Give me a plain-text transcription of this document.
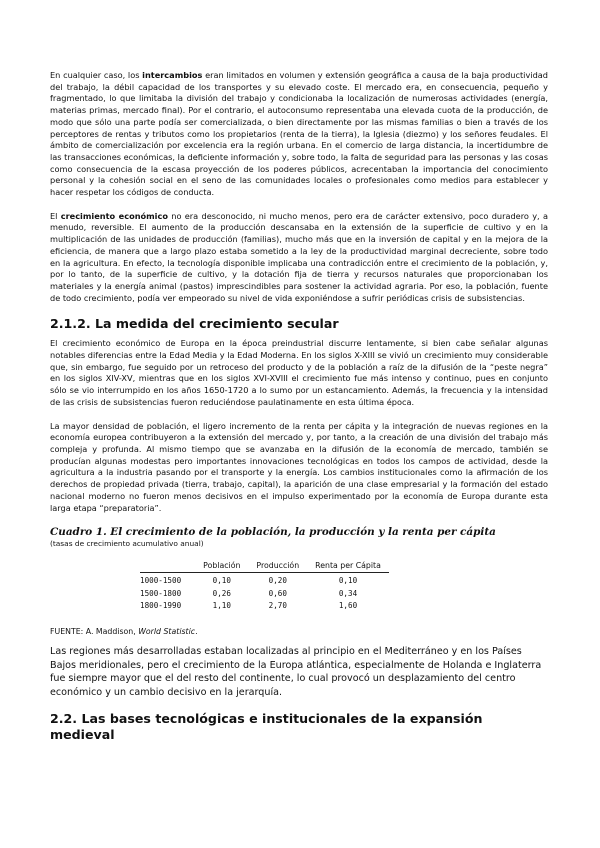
En cualquier caso, los intercambios eran limitados en volumen y extensión geográfica a causa de la baja productividad del trabajo, la débil capacidad de los transportes y su elevado coste. El mercado era, en consecuencia, pequeño y fragmentado, lo que limitaba la división del trabajo y condicionaba la localización de numerosas actividades (energía, materias primas, mercado final). Por el contrario, el autoconsumo representaba una elevada cuota de la producción, de modo que sólo una parte podía ser comercializada, o bien directamente por las mismas familias o bien a través de los perceptores de rentas y tributos como los propietarios (renta de la tierra), la Iglesia (diezmo) y los señores feudales. El ámbito de comercialización por excelencia era la región urbana. En el comercio de larga distancia, la incertidumbre de las transacciones económicas, la deficiente información y, sobre todo, la falta de seguridad para las personas y las cosas como consecuencia de la escasa proyección de los poderes públicos, acrecentaban la importancia del conocimiento personal y la cohesión social en el seno de las comunidades locales o profesionales como medios para establecer y hacer respetar los códigos de conducta.

El crecimiento económico no era desconocido, ni mucho menos, pero era de carácter extensivo, poco duradero y, a menudo, reversible. El aumento de la producción descansaba en la extensión de la superficie de cultivo y en la multiplicación de las unidades de producción (familias), mucho más que en la inversión de capital y en la mejora de la eficiencia, de manera que a largo plazo estaba sometido a la ley de la productividad marginal decreciente, sobre todo en la agricultura. En efecto, la tecnología disponible implicaba una contradicción entre el crecimiento de la población, y, por lo tanto, de la superficie de cultivo, y la dotación fija de tierra y recursos naturales que proporcionaban los materiales y la energía animal (pastos) imprescindibles para sostener la actividad agraria. Por eso, la población, fuente de todo crecimiento, podía ver empeorado su nivel de vida exponiéndose a sufrir periódicas crisis de subsistencias.

2.1.2. La medida del crecimiento secular

El crecimiento económico de Europa en la época preindustrial discurre lentamente, si bien cabe señalar algunas notables diferencias entre la Edad Media y la Edad Moderna. En los siglos X-XIII se vivió un crecimiento muy considerable que, sin embargo, fue seguido por un retroceso del producto y de la población a raíz de la difusión de la “peste negra” en los siglos XIV-XV, mientras que en los siglos XVI-XVIII el crecimiento fue más intenso y continuo, pues en conjunto sólo se vio interrumpido en los años 1650-1720 a lo sumo por un estancamiento. Además, la frecuencia y la intensidad de las crisis de subsistencias fueron reduciéndose paulatinamente en esta última época.

La mayor densidad de población, el ligero incremento de la renta per cápita y la integración de nuevas regiones en la economía europea contribuyeron a la extensión del mercado y, por tanto, a la creación de una división del trabajo más compleja y profunda. Al mismo tiempo que se avanzaba en la difusión de la economía de mercado, también se producían algunas modestas pero importantes innovaciones tecnológicas en todos los campos de actividad, desde la agricultura a la industria pasando por el transporte y la energía. Los cambios institucionales como la afirmación de los derechos de propiedad privada (tierra, trabajo, capital), la aparición de una clase empresarial y la formación del estado nacional moderno no fueron menos decisivos en el impulso experimentado por la economía de Europa durante esta larga etapa “preparatoria”.

Cuadro 1. El crecimiento de la población, la producción y la renta per cápita

(tasas de crecimiento acumulativo anual)

	Población	Producción	Renta per Cápita
1000-1500	0,10	0,20	0,10
1500-1800	0,26	0,60	0,34
1800-1990	1,10	2,70	1,60

FUENTE: A. Maddison, World Statistic.

Las regiones más desarrolladas estaban localizadas al principio en el Mediterráneo y en los Países Bajos meridionales, pero el crecimiento de la Europa atlántica, especialmente de Holanda e Inglaterra fue siempre mayor que el del resto del continente, lo cual provocó un desplazamiento del centro económico y un cambio decisivo en la jerarquía.

2.2. Las bases tecnológicas e institucionales de la expansión medieval
